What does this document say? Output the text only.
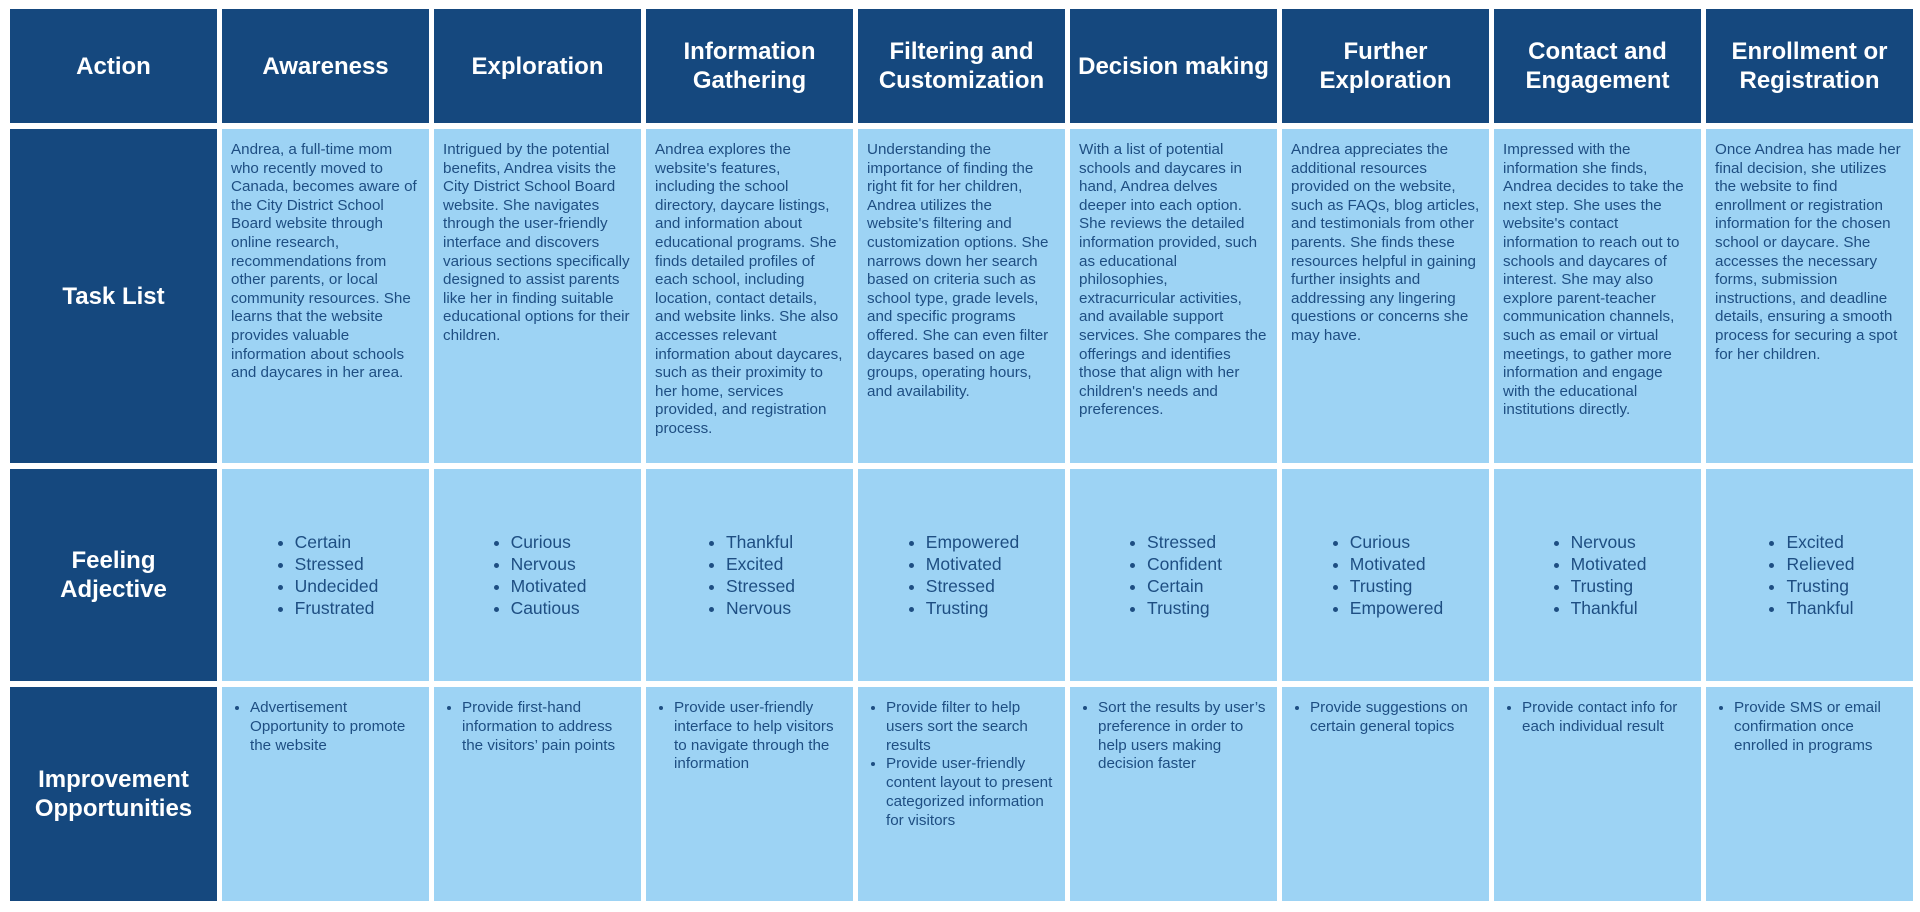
Action	Awareness	Exploration
Information Gathering
Filtering and Customization
Decision making
Further Exploration
Contact and Engagement
Enrollment or Registration
Task List
Andrea, a full-time mom who recently moved to Canada, becomes aware of the City District School Board website through online research, recommendations from other parents, or local community resources. She learns that the website provides valuable information about schools and daycares in her area.
Intrigued by the potential benefits, Andrea visits the City District School Board website. She navigates through the user-friendly interface and discovers various sections specifically designed to assist parents like her in finding suitable educational options for their children.
Andrea explores the website's features, including the school directory, daycare listings, and information about educational programs. She finds detailed profiles of each school, including location, contact details, and website links. She also accesses relevant information about daycares, such as their proximity to her home, services provided, and registration process.
Understanding the importance of finding the right fit for her children, Andrea utilizes the website's filtering and customization options. She narrows down her search based on criteria such as school type, grade levels, and specific programs offered. She can even filter daycares based on age groups, operating hours, and availability.
With a list of potential schools and daycares in hand, Andrea delves deeper into each option. She reviews the detailed information provided, such as educational philosophies, extracurricular activities, and available support services. She compares the offerings and identifies those that align with her children's needs and preferences.
Andrea appreciates the additional resources provided on the website, such as FAQs, blog articles, and testimonials from other parents. She finds these resources helpful in gaining further insights and addressing any lingering questions or concerns she may have.
Impressed with the information she finds, Andrea decides to take the next step. She uses the website's contact information to reach out to schools and daycares of interest. She may also explore parent-teacher communication channels, such as email or virtual meetings, to gather more information and engage with the educational institutions directly.
Once Andrea has made her final decision, she utilizes the website to find enrollment or registration information for the chosen school or daycare. She accesses the necessary forms, submission instructions, and deadline details, ensuring a smooth process for securing a spot for her children.
Feeling Adjective
• Certain
• Stressed
• Undecided
• Frustrated
• Curious
• Nervous
• Motivated
• Cautious
• Thankful
• Excited
• Stressed
• Nervous
• Empowered
• Motivated
• Stressed
• Trusting
• Stressed
• Confident
• Certain
• Trusting
• Curious
• Motivated
• Trusting
• Empowered
• Nervous
• Motivated
• Trusting
• Thankful
• Excited
• Relieved
• Trusting
• Thankful
Improvement Opportunities
• Advertisement Opportunity to promote the website
• Provide first-hand information to address the visitors’ pain points
• Provide user-friendly interface to help visitors to navigate through the information
• Provide filter to help users sort the search results
• Provide user-friendly content layout to present categorized information for visitors
• Sort the results by user’s preference in order to help users making decision faster
• Provide suggestions on certain general topics
• Provide contact info for each individual result
• Provide SMS or email confirmation once enrolled in programs
